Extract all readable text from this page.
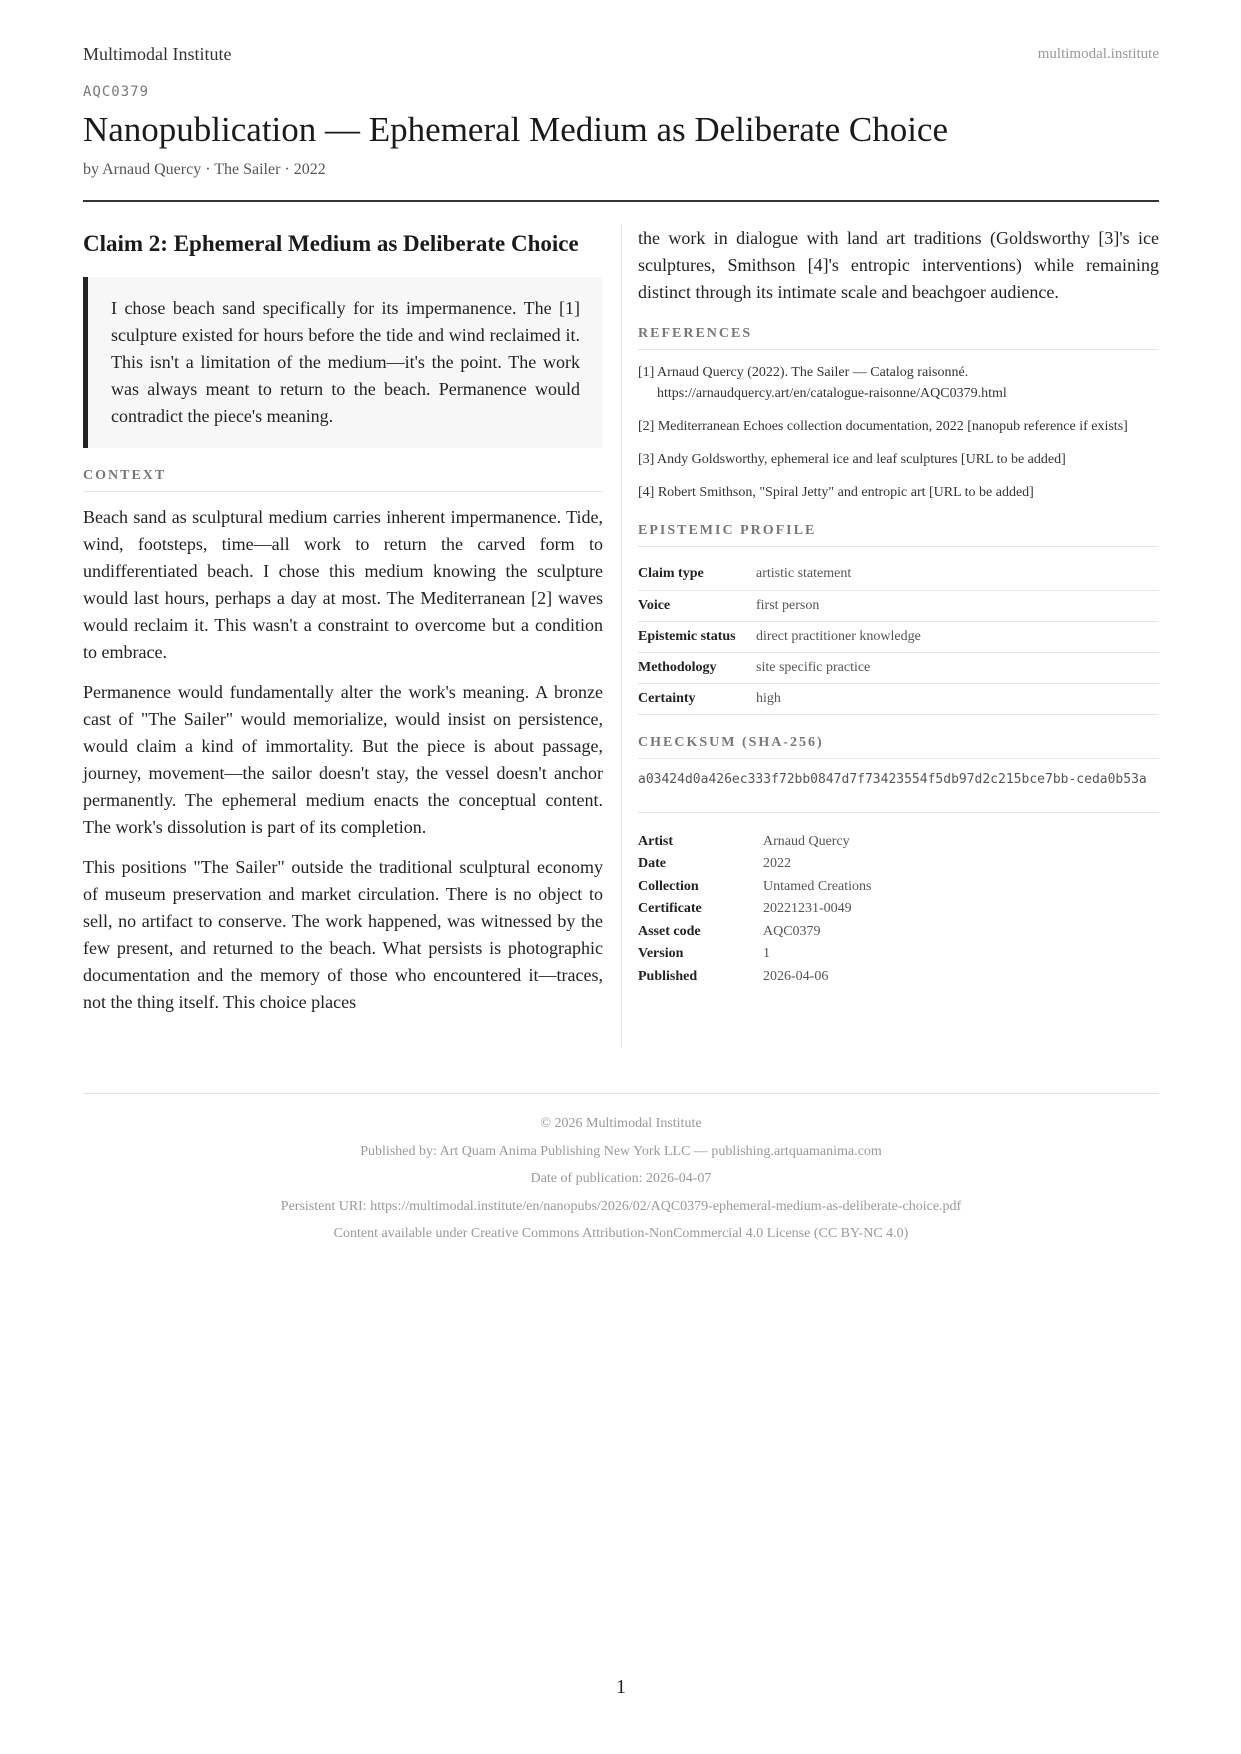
Multimodal Institute	multimodal.institute
AQC0379
Nanopublication — Ephemeral Medium as Deliberate Choice
by Arnaud Quercy · The Sailer · 2022
Claim 2: Ephemeral Medium as Deliberate Choice
I chose beach sand specifically for its impermanence. The [1] sculpture existed for hours before the tide and wind reclaimed it. This isn't a limitation of the medium—it's the point. The work was always meant to return to the beach. Permanence would contradict the piece's meaning.
CONTEXT

Beach sand as sculptural medium carries inherent impermanence. Tide, wind, footsteps, time—all work to return the carved form to undifferentiated beach. I chose this medium knowing the sculpture would last hours, perhaps a day at most. The Mediterranean [2] waves would reclaim it. This wasn't a constraint to overcome but a condition to embrace.

Permanence would fundamentally alter the work's meaning. A bronze cast of "The Sailer" would memorialize, would insist on persistence, would claim a kind of immortality. But the piece is about passage, journey, movement—the sailor doesn't stay, the vessel doesn't anchor permanently. The ephemeral medium enacts the conceptual content. The work's dissolution is part of its completion.

This positions "The Sailer" outside the traditional sculptural economy of museum preservation and market circulation. There is no object to sell, no artifact to conserve. The work happened, was witnessed by the few present, and returned to the beach. What persists is photographic documentation and the memory of those who encountered it—traces, not the thing itself. This choice places

the work in dialogue with land art traditions (Goldsworthy [3]'s ice sculptures, Smithson [4]'s entropic interventions) while remaining distinct through its intimate scale and beachgoer audience.

REFERENCES
[1] Arnaud Quercy (2022). The Sailer — Catalog raisonné. https://arnaudquercy.art/en/catalogue-raisonne/AQC0379.html
[2] Mediterranean Echoes collection documentation, 2022 [nanopub reference if exists]
[3] Andy Goldsworthy, ephemeral ice and leaf sculptures [URL to be added]
[4] Robert Smithson, "Spiral Jetty" and entropic art [URL to be added]
EPISTEMIC PROFILE
Claim type	artistic statement
Voice	first person
Epistemic status	direct practitioner knowledge
Methodology	site specific practice
Certainty	high
CHECKSUM (SHA-256)
a03424d0a426ec333f72bb0847d7f73423554f5db97d2c215bce7bb-ceda0b53a
Artist	Arnaud Quercy
Date	2022
Collection	Untamed Creations
Certificate	20221231-0049
Asset code	AQC0379
Version	1
Published	2026-04-06
© 2026 Multimodal Institute
Published by: Art Quam Anima Publishing New York LLC — publishing.artquamanima.com
Date of publication: 2026-04-07
Persistent URI: https://multimodal.institute/en/nanopubs/2026/02/AQC0379-ephemeral-medium-as-deliberate-choice.pdf
Content available under Creative Commons Attribution-NonCommercial 4.0 License (CC BY-NC 4.0)
1
